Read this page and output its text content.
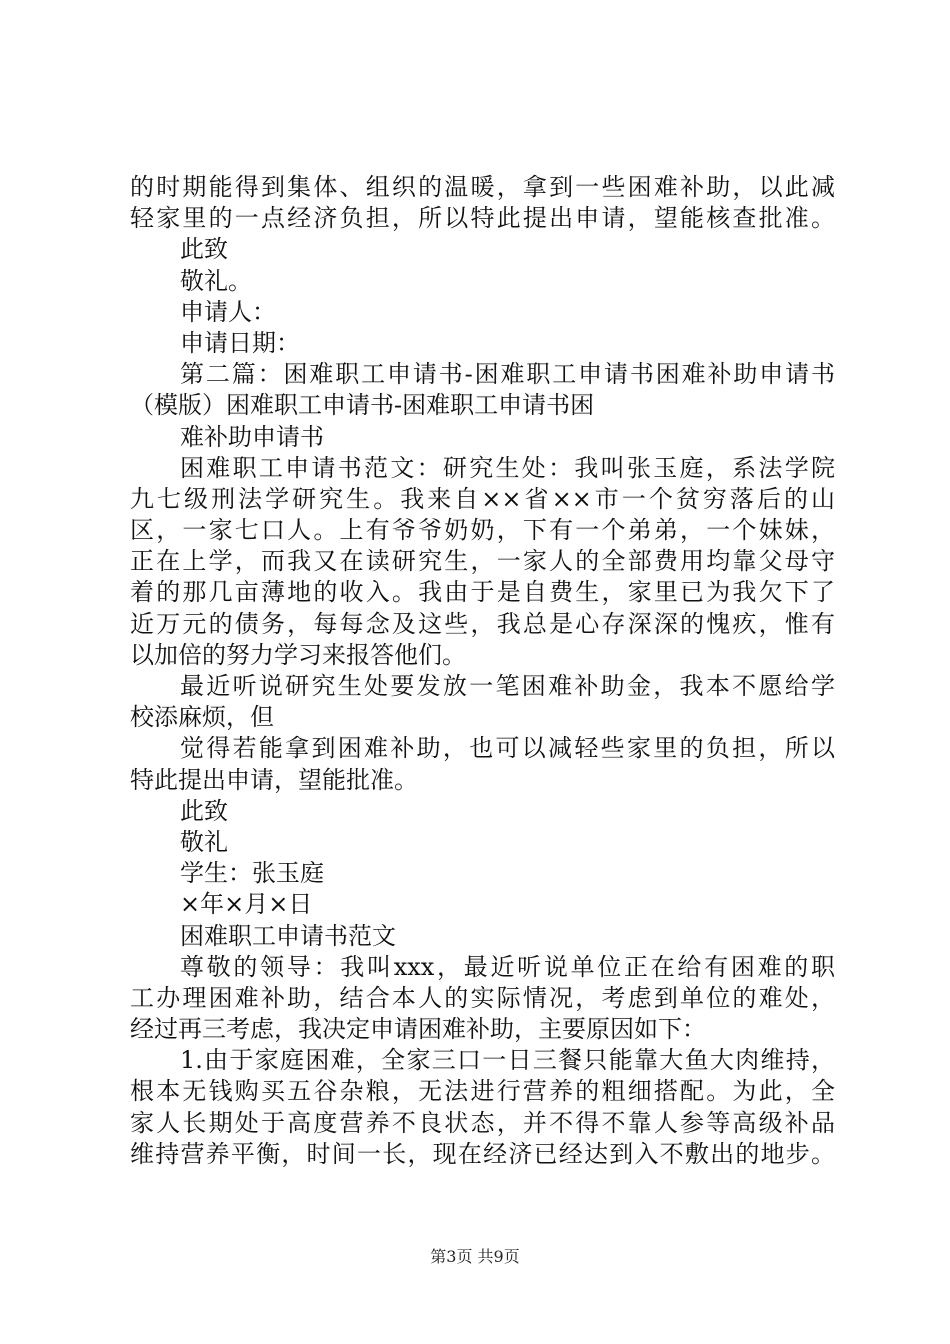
的时期能得到集体、组织的温暖，拿到一些困难补助，以此减
轻家里的一点经济负担，所以特此提出申请，望能核查批准。
此致
敬礼。
申请人：
申请日期：
第二篇：困难职工申请书-困难职工申请书困难补助申请书
（模版）困难职工申请书-困难职工申请书困
难补助申请书
困难职工申请书范文：研究生处：我叫张玉庭，系法学院
九七级刑法学研究生。我来自××省××市一个贫穷落后的山
区，一家七口人。上有爷爷奶奶，下有一个弟弟，一个妹妹，
正在上学，而我又在读研究生，一家人的全部费用均靠父母守
着的那几亩薄地的收入。我由于是自费生，家里已为我欠下了
近万元的债务，每每念及这些，我总是心存深深的愧疚，惟有
以加倍的努力学习来报答他们。
最近听说研究生处要发放一笔困难补助金，我本不愿给学
校添麻烦，但
觉得若能拿到困难补助，也可以减轻些家里的负担，所以
特此提出申请，望能批准。
此致
敬礼
学生：张玉庭
×年×月×日
困难职工申请书范文
尊敬的领导：我叫xxx，最近听说单位正在给有困难的职
工办理困难补助，结合本人的实际情况，考虑到单位的难处，
经过再三考虑，我决定申请困难补助，主要原因如下：
1.由于家庭困难，全家三口一日三餐只能靠大鱼大肉维持，
根本无钱购买五谷杂粮，无法进行营养的粗细搭配。为此，全
家人长期处于高度营养不良状态，并不得不靠人参等高级补品
维持营养平衡，时间一长，现在经济已经达到入不敷出的地步。
第3页 共9页
